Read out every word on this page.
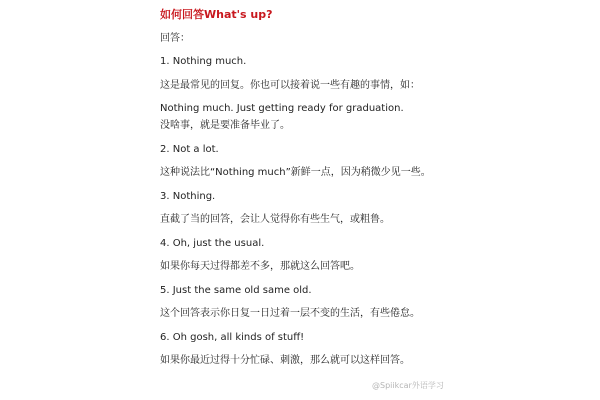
如何回答What's up?
回答：
1. Nothing much.
这是最常见的回复。你也可以接着说一些有趣的事情，如：
Nothing much. Just getting ready for graduation.
没啥事，就是要准备毕业了。
2. Not a lot.
这种说法比“Nothing much”新鲜一点，因为稍微少见一些。
3. Nothing.
直截了当的回答，会让人觉得你有些生气，或粗鲁。
4. Oh, just the usual.
如果你每天过得都差不多，那就这么回答吧。
5. Just the same old same old.
这个回答表示你日复一日过着一层不变的生活，有些倦怠。
6. Oh gosh, all kinds of stuff!
如果你最近过得十分忙碌、刺激，那么就可以这样回答。
@Spiikcar外语学习
